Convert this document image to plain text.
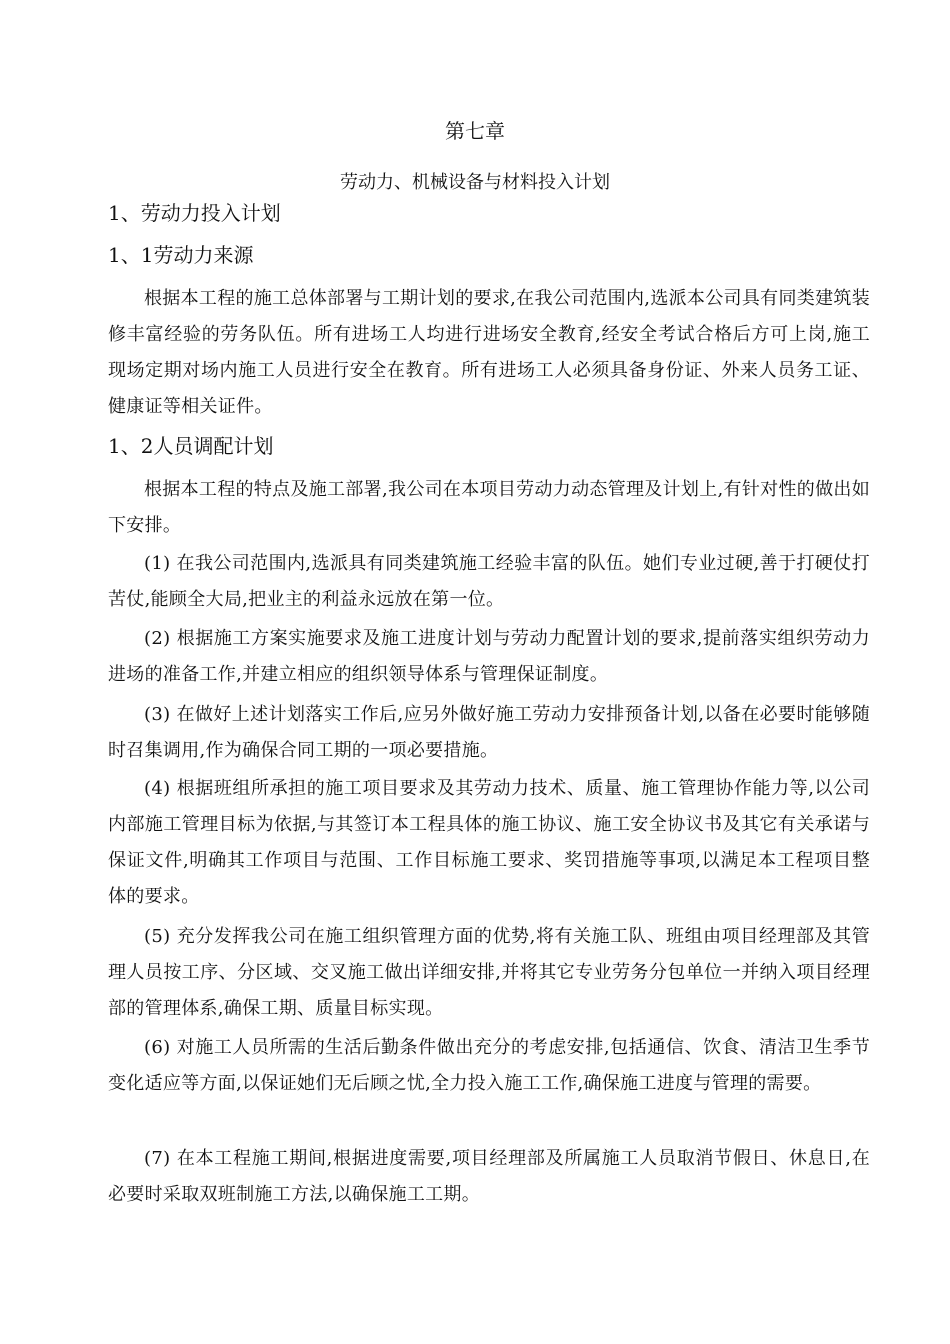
第七章
劳动力、机械设备与材料投入计划
1、劳动力投入计划
1、1劳动力来源
根据本工程的施工总体部署与工期计划的要求,在我公司范围内,选派本公司具有同类建筑装修丰富经验的劳务队伍。所有进场工人均进行进场安全教育,经安全考试合格后方可上岗,施工现场定期对场内施工人员进行安全在教育。所有进场工人必须具备身份证、外来人员务工证、健康证等相关证件。
1、2人员调配计划
根据本工程的特点及施工部署,我公司在本项目劳动力动态管理及计划上,有针对性的做出如下安排。
(1) 在我公司范围内,选派具有同类建筑施工经验丰富的队伍。她们专业过硬,善于打硬仗打苦仗,能顾全大局,把业主的利益永远放在第一位。
(2) 根据施工方案实施要求及施工进度计划与劳动力配置计划的要求,提前落实组织劳动力进场的准备工作,并建立相应的组织领导体系与管理保证制度。
(3) 在做好上述计划落实工作后,应另外做好施工劳动力安排预备计划,以备在必要时能够随时召集调用,作为确保合同工期的一项必要措施。
(4) 根据班组所承担的施工项目要求及其劳动力技术、质量、施工管理协作能力等,以公司内部施工管理目标为依据,与其签订本工程具体的施工协议、施工安全协议书及其它有关承诺与保证文件,明确其工作项目与范围、工作目标施工要求、奖罚措施等事项,以满足本工程项目整体的要求。
(5) 充分发挥我公司在施工组织管理方面的优势,将有关施工队、班组由项目经理部及其管理人员按工序、分区域、交叉施工做出详细安排,并将其它专业劳务分包单位一并纳入项目经理部的管理体系,确保工期、质量目标实现。
(6) 对施工人员所需的生活后勤条件做出充分的考虑安排,包括通信、饮食、清洁卫生季节变化适应等方面,以保证她们无后顾之忧,全力投入施工工作,确保施工进度与管理的需要。
(7) 在本工程施工期间,根据进度需要,项目经理部及所属施工人员取消节假日、休息日,在必要时采取双班制施工方法,以确保施工工期。
